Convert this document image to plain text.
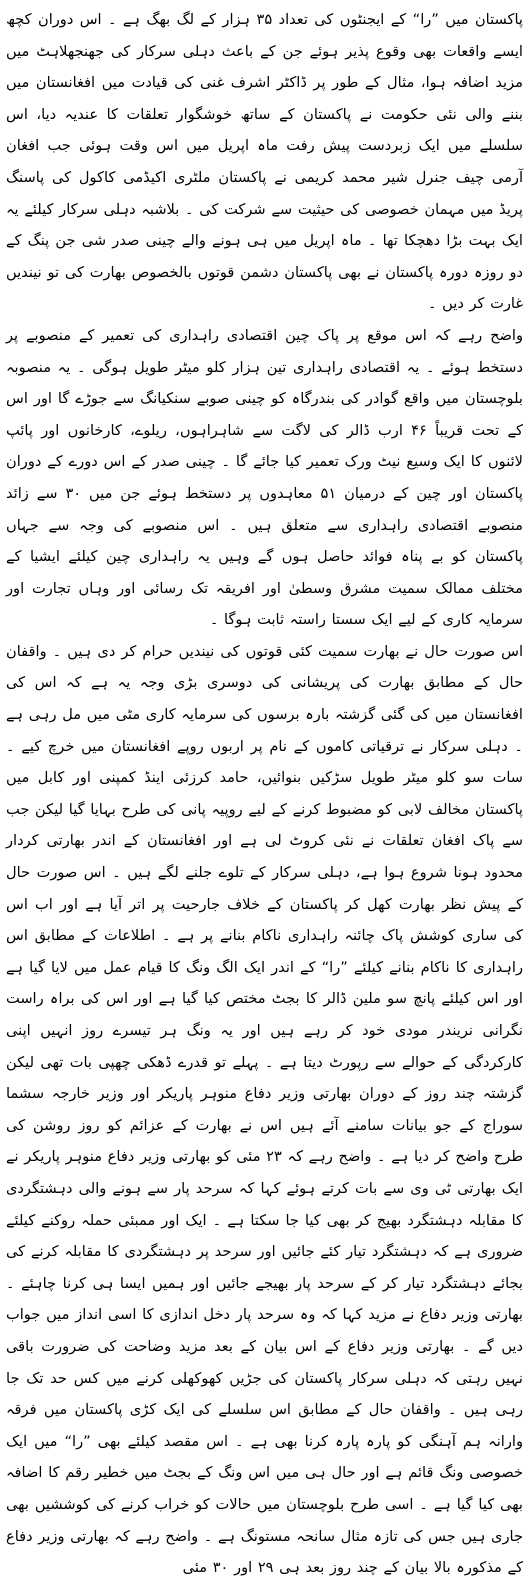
پاکستان میں ”را“ کے ایجنٹوں کی تعداد ۳۵ ہزار کے لگ بھگ ہے ۔ اس دوران کچھ ایسے واقعات بھی وقوع پذیر ہوئے جن کے باعث دہلی سرکار کی جھنجھلاہٹ میں مزید اضافہ ہوا، مثال کے طور پر ڈاکٹر اشرف غنی کی قیادت میں افغانستان میں بننے والی نئی حکومت نے پاکستان کے ساتھ خوشگوار تعلقات کا عندیہ دیا، اس سلسلے میں ایک زبردست پیش رفت ماہ اپریل میں اس وقت ہوئی جب افغان آرمی چیف جنرل شیر محمد کریمی نے پاکستان ملٹری اکیڈمی کاکول کی پاسنگ پریڈ میں مہمان خصوصی کی حیثیت سے شرکت کی ۔ بلاشبہ دہلی سرکار کیلئے یہ ایک بہت بڑا دھچکا تھا ۔ ماہ اپریل میں ہی ہونے والے چینی صدر شی جن پنگ کے دو روزہ دورہ پاکستان نے بھی پاکستان دشمن قوتوں بالخصوص بھارت کی تو نیندیں غارت کر دیں ۔

واضح رہے کہ اس موقع پر پاک چین اقتصادی راہداری کی تعمیر کے منصوبے پر دستخط ہوئے ۔ یہ اقتصادی راہداری تین ہزار کلو میٹر طویل ہوگی ۔ یہ منصوبہ بلوچستان میں واقع گوادر کی بندرگاہ کو چینی صوبے سنکیانگ سے جوڑے گا اور اس کے تحت قریباً ۴۶ ارب ڈالر کی لاگت سے شاہراہوں، ریلوے، کارخانوں اور پائپ لائنوں کا ایک وسیع نیٹ ورک تعمیر کیا جائے گا ۔ چینی صدر کے اس دورے کے دوران پاکستان اور چین کے درمیان ۵۱ معاہدوں پر دستخط ہوئے جن میں ۳۰ سے زائد منصوبے اقتصادی راہداری سے متعلق ہیں ۔ اس منصوبے کی وجہ سے جہاں پاکستان کو بے پناہ فوائد حاصل ہوں گے وہیں یہ راہداری چین کیلئے ایشیا کے مختلف ممالک سمیت مشرق وسطیٰ اور افریقہ تک رسائی اور وہاں تجارت اور سرمایہ کاری کے لیے ایک سستا راستہ ثابت ہوگا ۔

اس صورت حال نے بھارت سمیت کئی قوتوں کی نیندیں حرام کر دی ہیں ۔ واقفان حال کے مطابق بھارت کی پریشانی کی دوسری بڑی وجہ یہ ہے کہ اس کی افغانستان میں کی گئی گزشتہ بارہ برسوں کی سرمایہ کاری مٹی میں مل رہی ہے ۔ دہلی سرکار نے ترقیاتی کاموں کے نام پر اربوں روپے افغانستان میں خرچ کیے ۔ سات سو کلو میٹر طویل سڑکیں بنوائیں، حامد کرزئی اینڈ کمپنی اور کابل میں پاکستان مخالف لابی کو مضبوط کرنے کے لیے روپیہ پانی کی طرح بہایا گیا لیکن جب سے پاک افغان تعلقات نے نئی کروٹ لی ہے اور افغانستان کے اندر بھارتی کردار محدود ہونا شروع ہوا ہے، دہلی سرکار کے تلوے جلنے لگے ہیں ۔ اس صورت حال کے پیش نظر بھارت کھل کر پاکستان کے خلاف جارحیت پر اتر آیا ہے اور اب اس کی ساری کوشش پاک چائنہ راہداری ناکام بنانے پر ہے ۔ اطلاعات کے مطابق اس راہداری کا ناکام بنانے کیلئے ”را“ کے اندر ایک الگ ونگ کا قیام عمل میں لایا گیا ہے اور اس کیلئے پانچ سو ملین ڈالر کا بجٹ مختص کیا گیا ہے اور اس کی براہ راست نگرانی نریندر مودی خود کر رہے ہیں اور یہ ونگ ہر تیسرے روز انہیں اپنی کارکردگی کے حوالے سے رپورٹ دیتا ہے ۔ پہلے تو قدرے ڈھکی چھپی بات تھی لیکن گزشتہ چند روز کے دوران بھارتی وزیر دفاع منوہر پاریکر اور وزیر خارجہ سشما سوراج کے جو بیانات سامنے آئے ہیں اس نے بھارت کے عزائم کو روز روشن کی طرح واضح کر دیا ہے ۔ واضح رہے کہ ۲۳ مئی کو بھارتی وزیر دفاع منوہر پاریکر نے ایک بھارتی ٹی وی سے بات کرتے ہوئے کہا کہ سرحد پار سے ہونے والی دہشتگردی کا مقابلہ دہشتگرد بھیج کر بھی کیا جا سکتا ہے ۔ ایک اور ممبئی حملہ روکنے کیلئے ضروری ہے کہ دہشتگرد تیار کئے جائیں اور سرحد پر دہشتگردی کا مقابلہ کرنے کی بجائے دہشتگرد تیار کر کے سرحد پار بھیجے جائیں اور ہمیں ایسا ہی کرنا چاہئے ۔ بھارتی وزیر دفاع نے مزید کہا کہ وہ سرحد پار دخل اندازی کا اسی انداز میں جواب دیں گے ۔ بھارتی وزیر دفاع کے اس بیان کے بعد مزید وضاحت کی ضرورت باقی نہیں رہتی کہ دہلی سرکار پاکستان کی جڑیں کھوکھلی کرنے میں کس حد تک جا رہی ہیں ۔ واقفان حال کے مطابق اس سلسلے کی ایک کڑی پاکستان میں فرقہ وارانہ ہم آہنگی کو پارہ پارہ کرنا بھی ہے ۔ اس مقصد کیلئے بھی ”را“ میں ایک خصوصی ونگ قائم ہے اور حال ہی میں اس ونگ کے بجٹ میں خطیر رقم کا اضافہ بھی کیا گیا ہے ۔ اسی طرح بلوچستان میں حالات کو خراب کرنے کی کوششیں بھی جاری ہیں جس کی تازہ مثال سانحہ مستونگ ہے ۔ واضح رہے کہ بھارتی وزیر دفاع کے مذکورہ بالا بیان کے چند روز بعد ہی ۲۹ اور ۳۰ مئی
